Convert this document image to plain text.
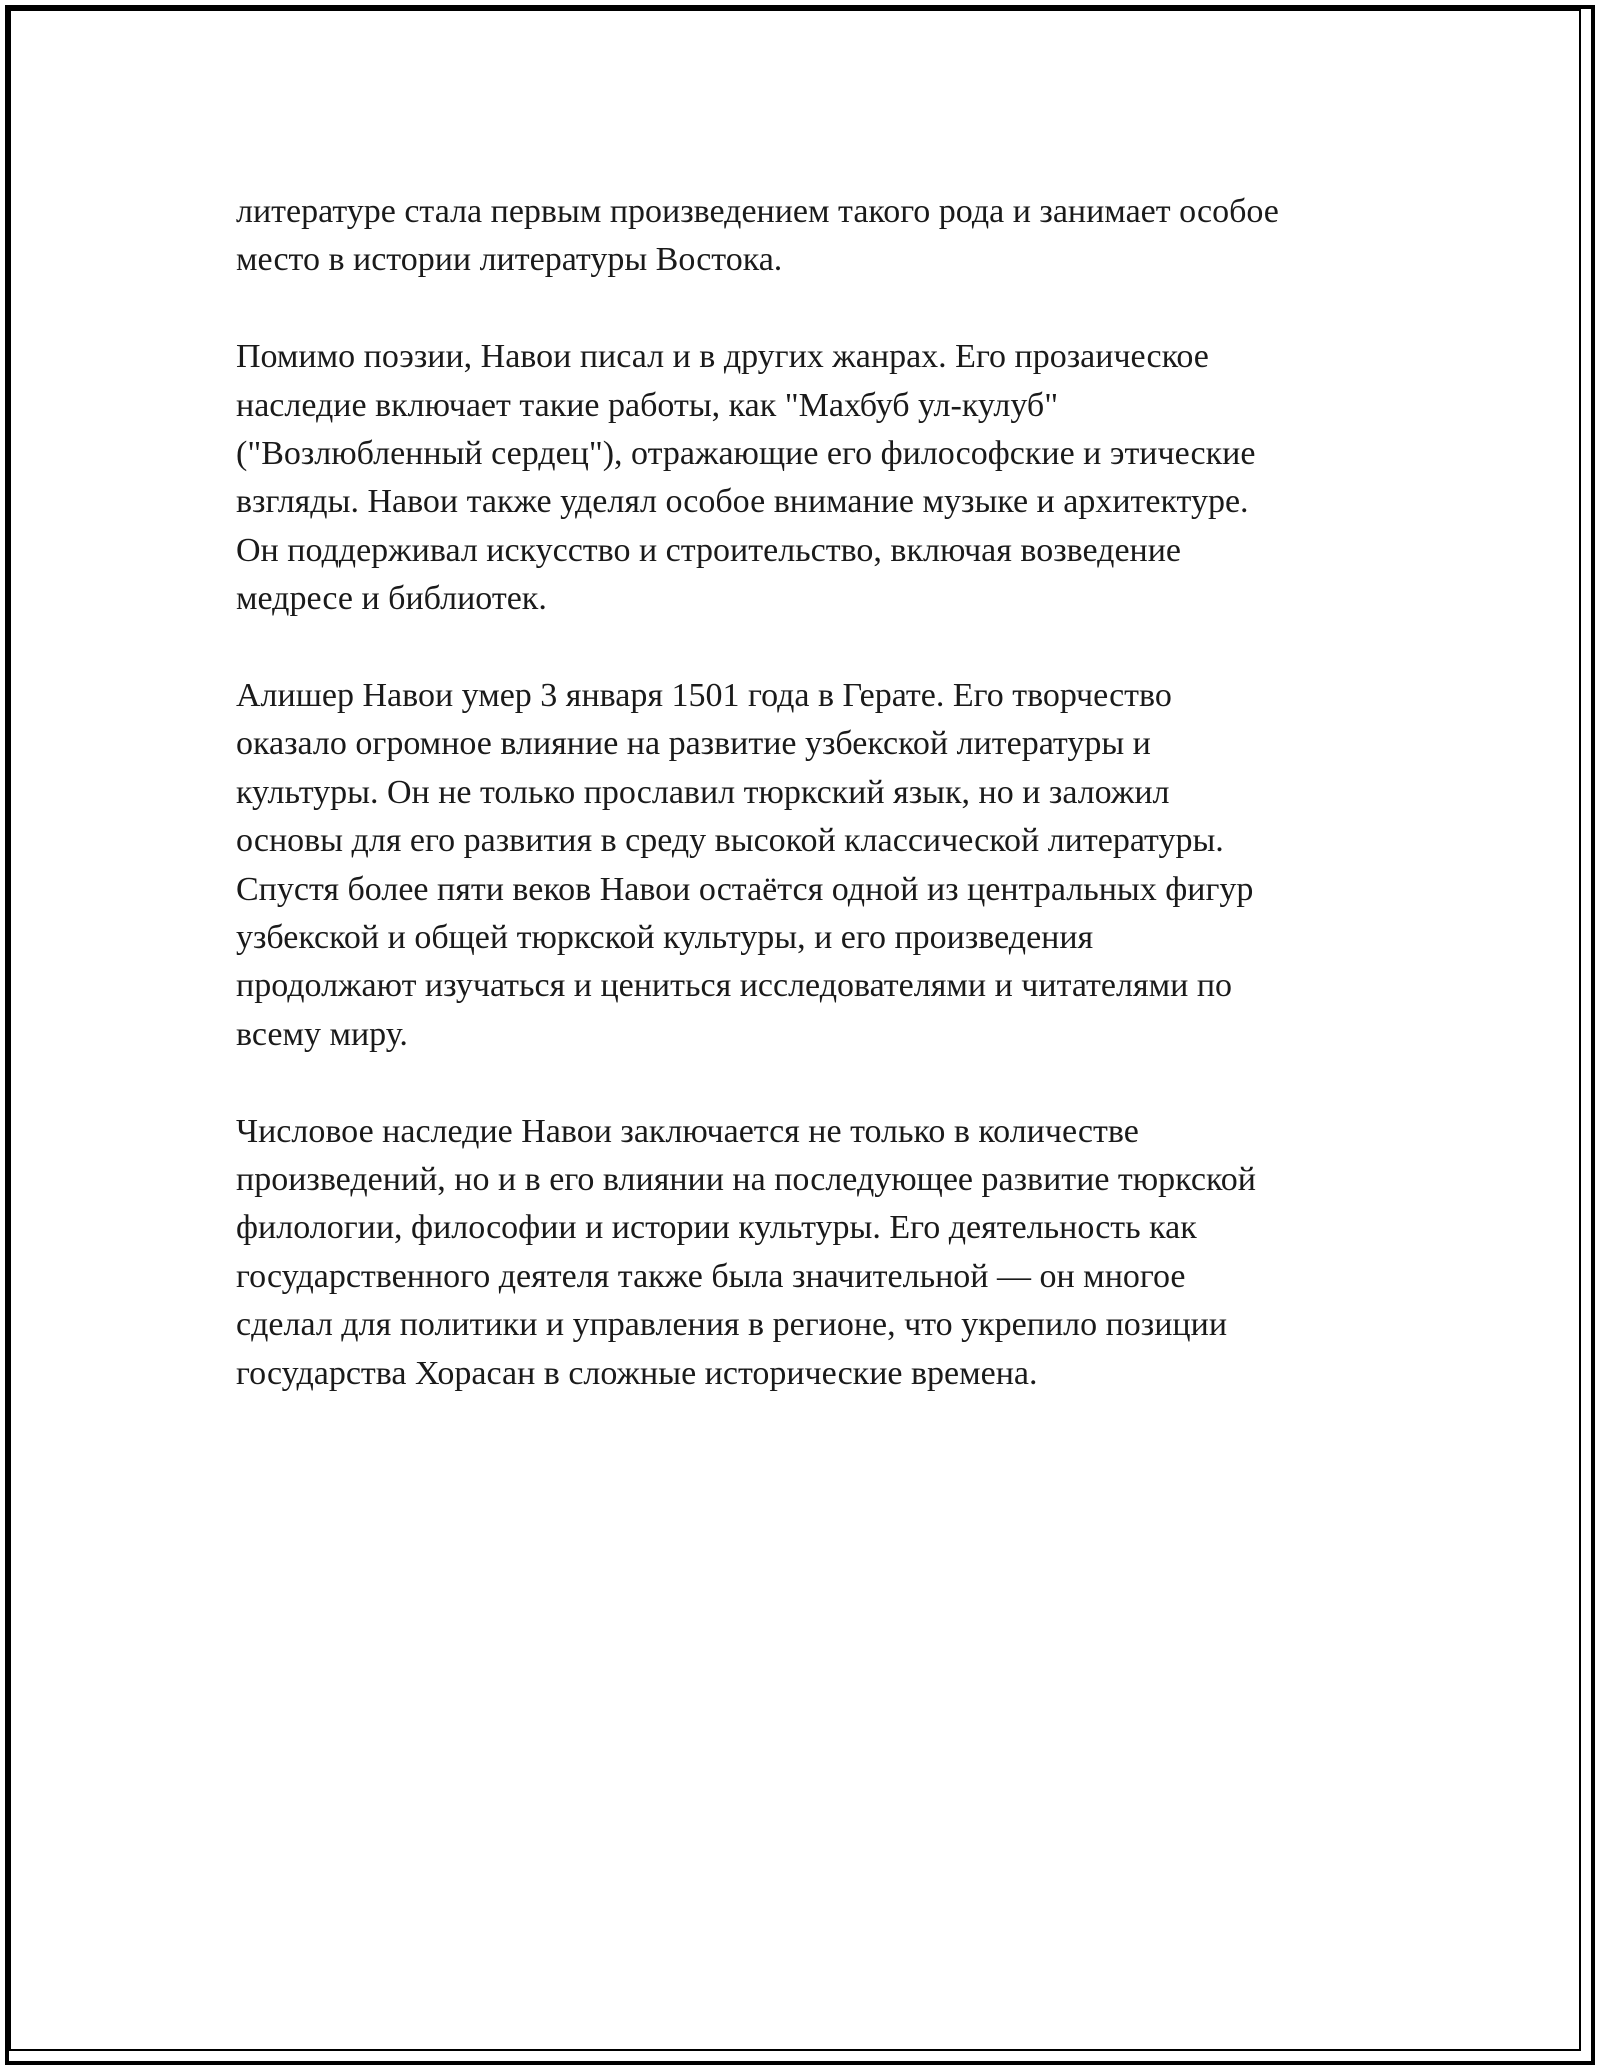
литературе стала первым произведением такого рода и занимает особое
место в истории литературы Востока.

Помимо поэзии, Навои писал и в других жанрах. Его прозаическое
наследие включает такие работы, как "Махбуб ул-кулуб"
("Возлюбленный сердец"), отражающие его философские и этические
взгляды. Навои также уделял особое внимание музыке и архитектуре.
Он поддерживал искусство и строительство, включая возведение
медресе и библиотек.

Алишер Навои умер 3 января 1501 года в Герате. Его творчество
оказало огромное влияние на развитие узбекской литературы и
культуры. Он не только прославил тюркский язык, но и заложил
основы для его развития в среду высокой классической литературы.
Спустя более пяти веков Навои остаётся одной из центральных фигур
узбекской и общей тюркской культуры, и его произведения
продолжают изучаться и цениться исследователями и читателями по
всему миру.

Числовое наследие Навои заключается не только в количестве
произведений, но и в его влиянии на последующее развитие тюркской
филологии, философии и истории культуры. Его деятельность как
государственного деятеля также была значительной — он многое
сделал для политики и управления в регионе, что укрепило позиции
государства Хорасан в сложные исторические времена.
